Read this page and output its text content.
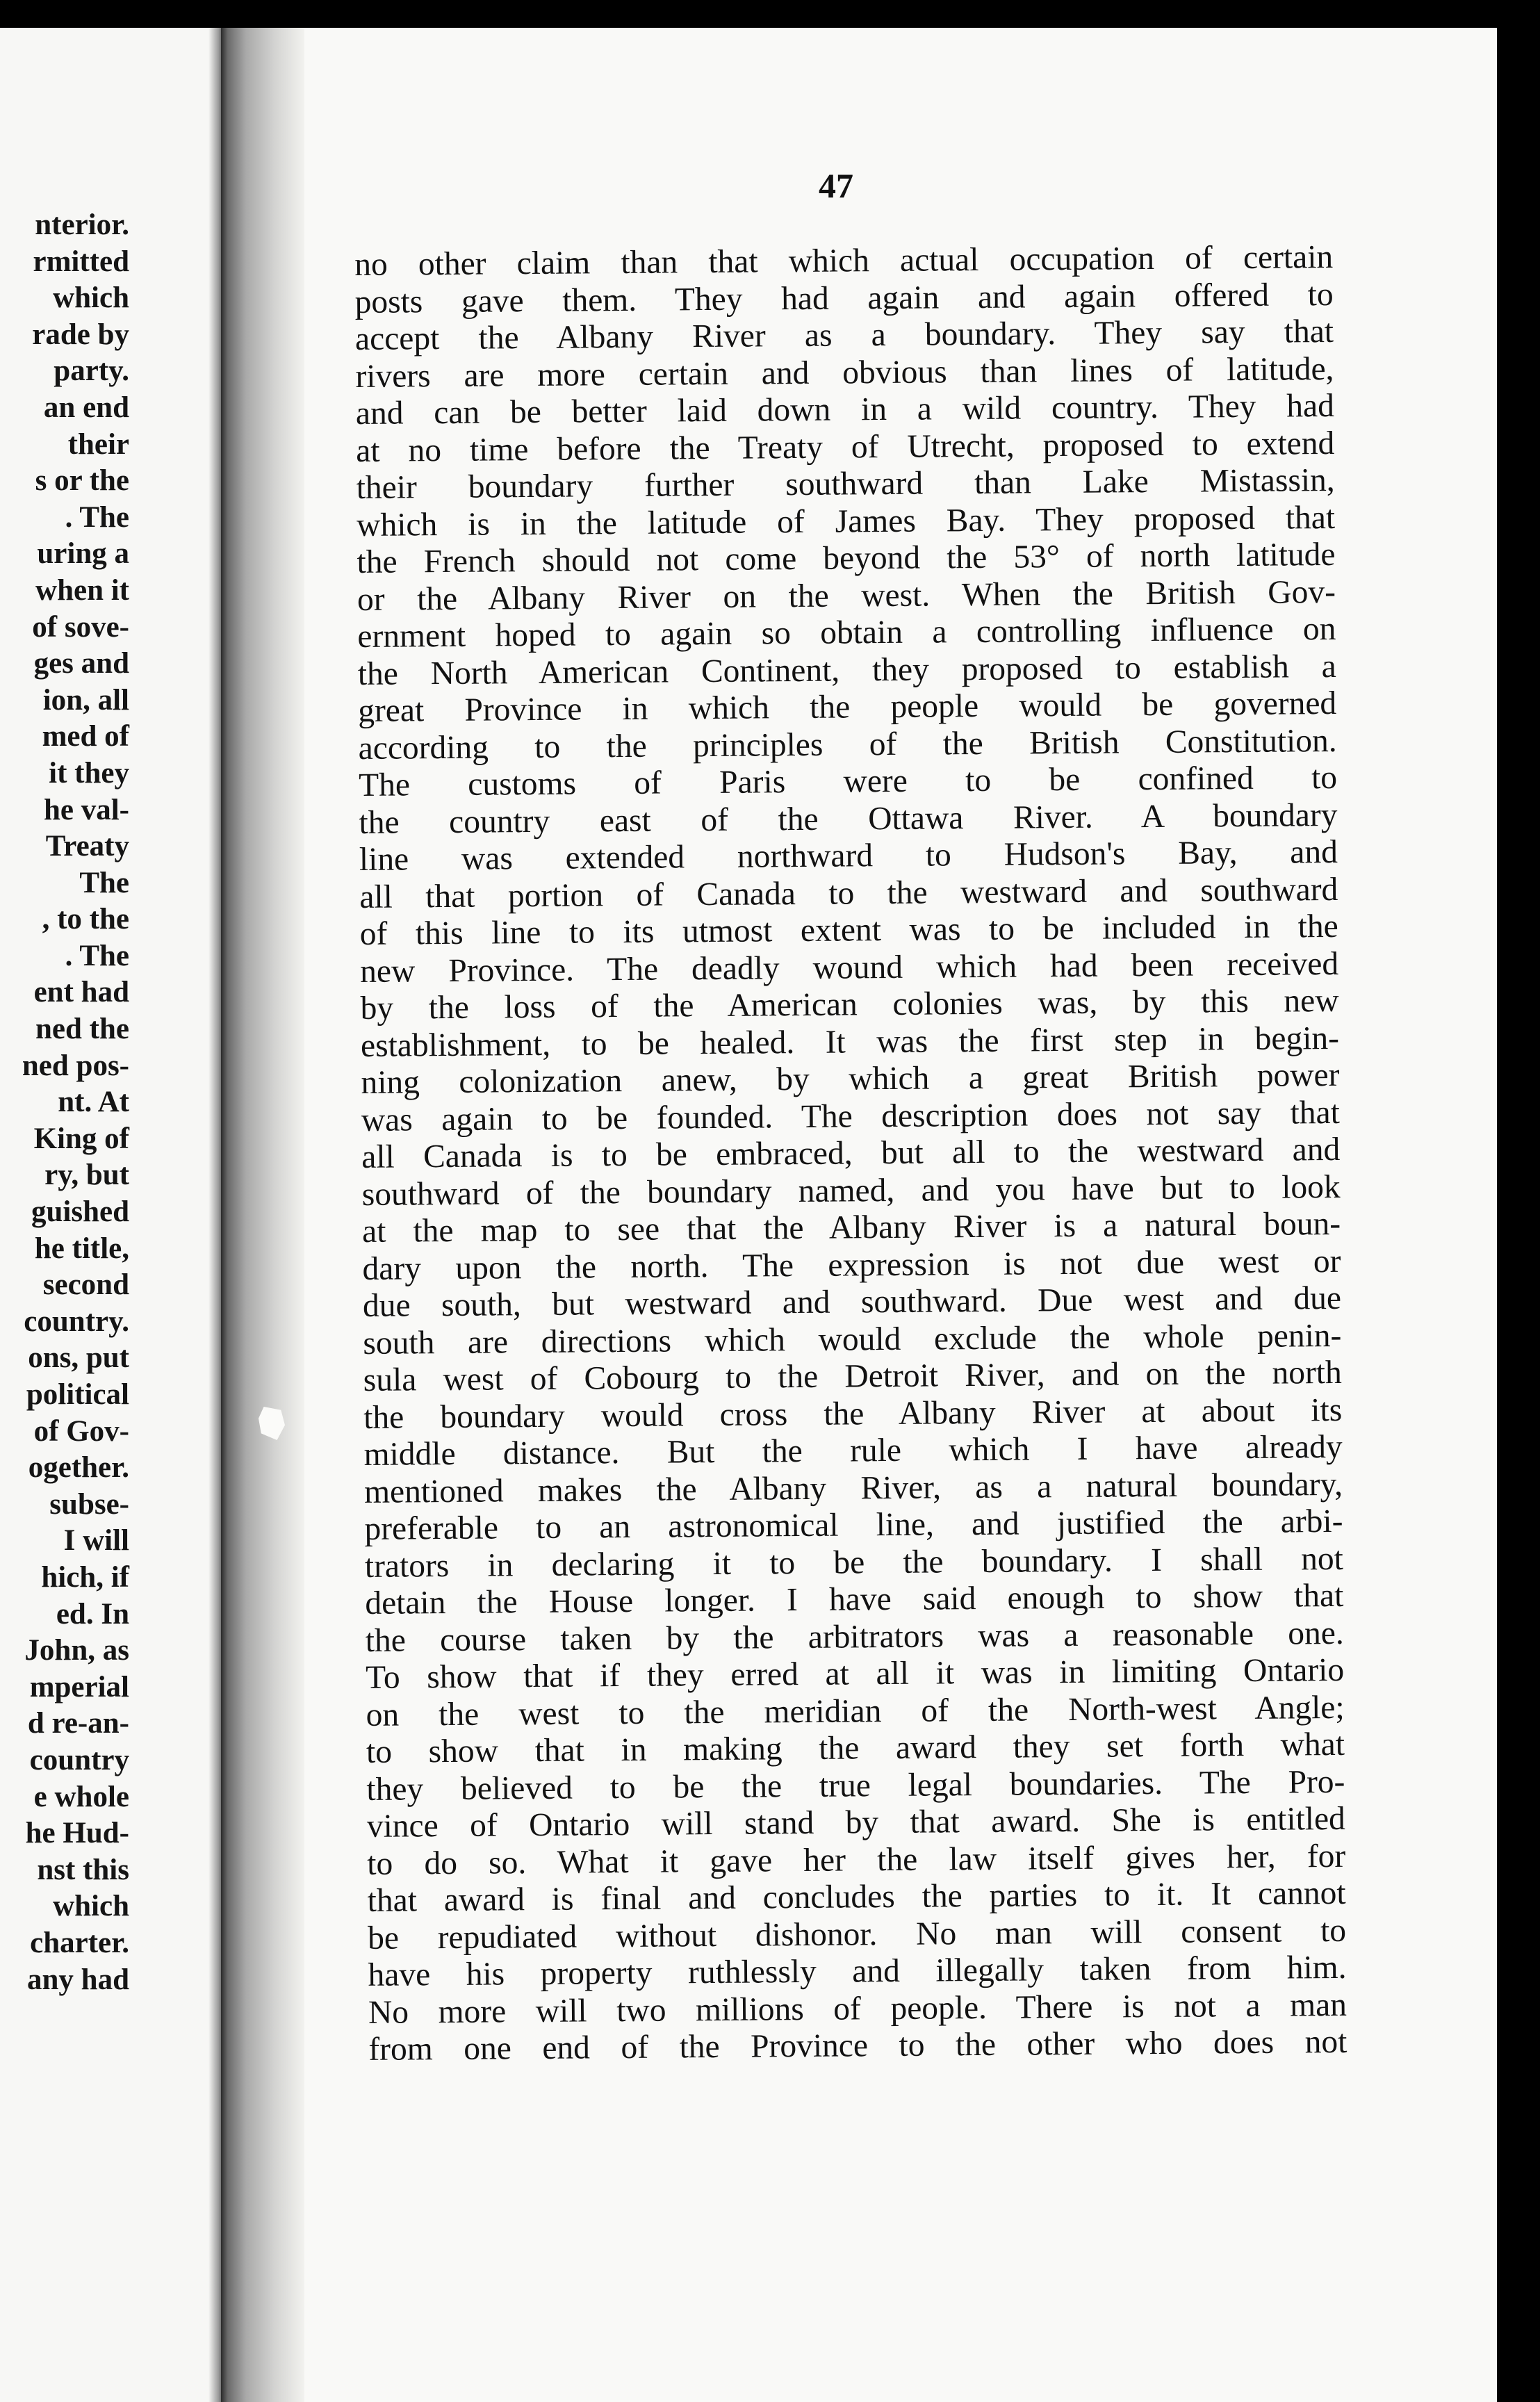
nterior.
rmitted
which
rade by
party.
an end
their
s or the
. The
uring a
when it
of sove-
ges and
ion, all
med of
it they
he val-
Treaty
The
, to the
. The
ent had
ned the
ned pos-
nt. At
King of
ry, but
guished
he title,
second
country.
ons, put
political
of Gov-
ogether.
subse-
I will
hich, if
ed. In
John, as
mperial
d re-an-
country
e whole
he Hud-
nst this
which
charter.
any had
47
no other claim than that which actual occupation of certain
posts gave them. They had again and again offered to
accept the Albany River as a boundary. They say that
rivers are more certain and obvious than lines of latitude,
and can be better laid down in a wild country. They had
at no time before the Treaty of Utrecht, proposed to extend
their boundary further southward than Lake Mistassin,
which is in the latitude of James Bay. They proposed that
the French should not come beyond the 53° of north latitude
or the Albany River on the west. When the British Gov-
ernment hoped to again so obtain a controlling influence on
the North American Continent, they proposed to establish a
great Province in which the people would be governed
according to the principles of the British Constitution.
The customs of Paris were to be confined to
the country east of the Ottawa River. A boundary
line was extended northward to Hudson's Bay, and
all that portion of Canada to the westward and southward
of this line to its utmost extent was to be included in the
new Province. The deadly wound which had been received
by the loss of the American colonies was, by this new
establishment, to be healed. It was the first step in begin-
ning colonization anew, by which a great British power
was again to be founded. The description does not say that
all Canada is to be embraced, but all to the westward and
southward of the boundary named, and you have but to look
at the map to see that the Albany River is a natural boun-
dary upon the north. The expression is not due west or
due south, but westward and southward. Due west and due
south are directions which would exclude the whole penin-
sula west of Cobourg to the Detroit River, and on the north
the boundary would cross the Albany River at about its
middle distance. But the rule which I have already
mentioned makes the Albany River, as a natural boundary,
preferable to an astronomical line, and justified the arbi-
trators in declaring it to be the boundary. I shall not
detain the House longer. I have said enough to show that
the course taken by the arbitrators was a reasonable one.
To show that if they erred at all it was in limiting Ontario
on the west to the meridian of the North-west Angle;
to show that in making the award they set forth what
they believed to be the true legal boundaries. The Pro-
vince of Ontario will stand by that award. She is entitled
to do so. What it gave her the law itself gives her, for
that award is final and concludes the parties to it. It cannot
be repudiated without dishonor. No man will consent to
have his property ruthlessly and illegally taken from him.
No more will two millions of people. There is not a man
from one end of the Province to the other who does not
